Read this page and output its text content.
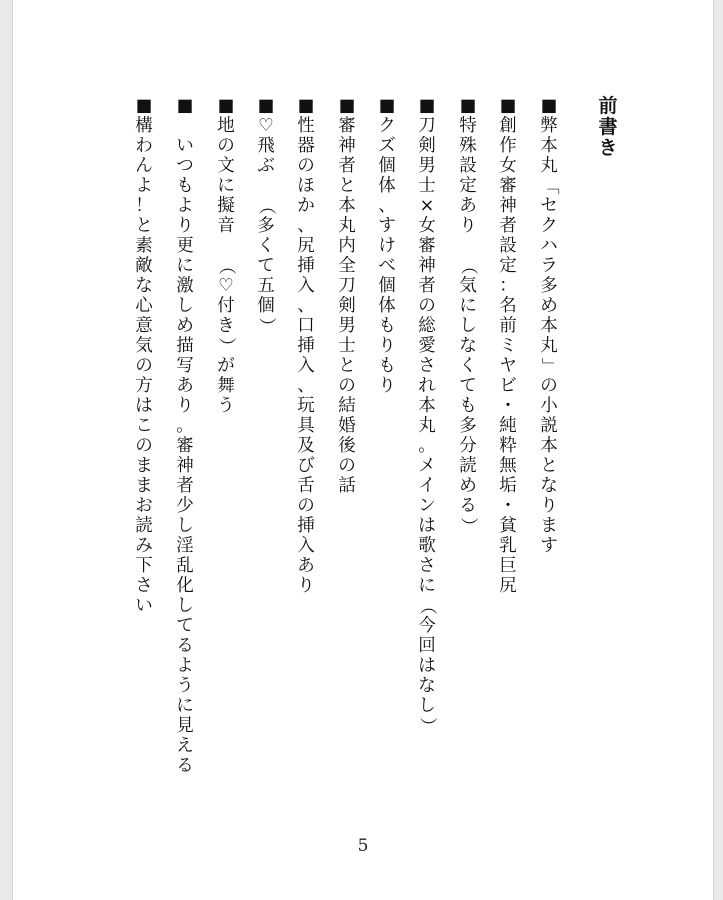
前
書
き
■
弊
本
丸
「
セ
ク
ハ
ラ
多
め
本
丸
」
の
小
説
本
と
な
り
ま
す
■
創
作
女
審
神
者
設
定
：
名
前
ミ
ヤ
ビ
・
純
粋
無
垢
・
貧
乳
巨
尻
■
特
殊
設
定
あ
り

（
気
に
し
な
く
て
も
多
分
読
め
る
）
■
刀
剣
男
士
×
女
審
神
者
の
総
愛
さ
れ
本
丸
。
メ
イ
ン
は
歌
さ
に
（
今
回
は
な
し
）
■
ク
ズ
個
体
、
す
け
べ
個
体
も
り
も
り
■
審
神
者
と
本
丸
内
全
刀
剣
男
士
と
の
結
婚
後
の
話
■
性
器
の
ほ
か
、
尻
挿
入
、
口
挿
入
、
玩
具
及
び
舌
の
挿
入
あ
り
■
♡
飛
ぶ

（
多
く
て
五
個
）
■
地
の
文
に
擬
音

（
♡
付
き
）
が
舞
う
■

い
つ
も
よ
り
更
に
激
し
め
描
写
あ
り
。
審
神
者
少
し
淫
乱
化
し
て
る
よ
う
に
見
え
る
■
構
わ
ん
よ
！
と
素
敵
な
心
意
気
の
方
は
こ
の
ま
ま
お
読
み
下
さ
い
5
